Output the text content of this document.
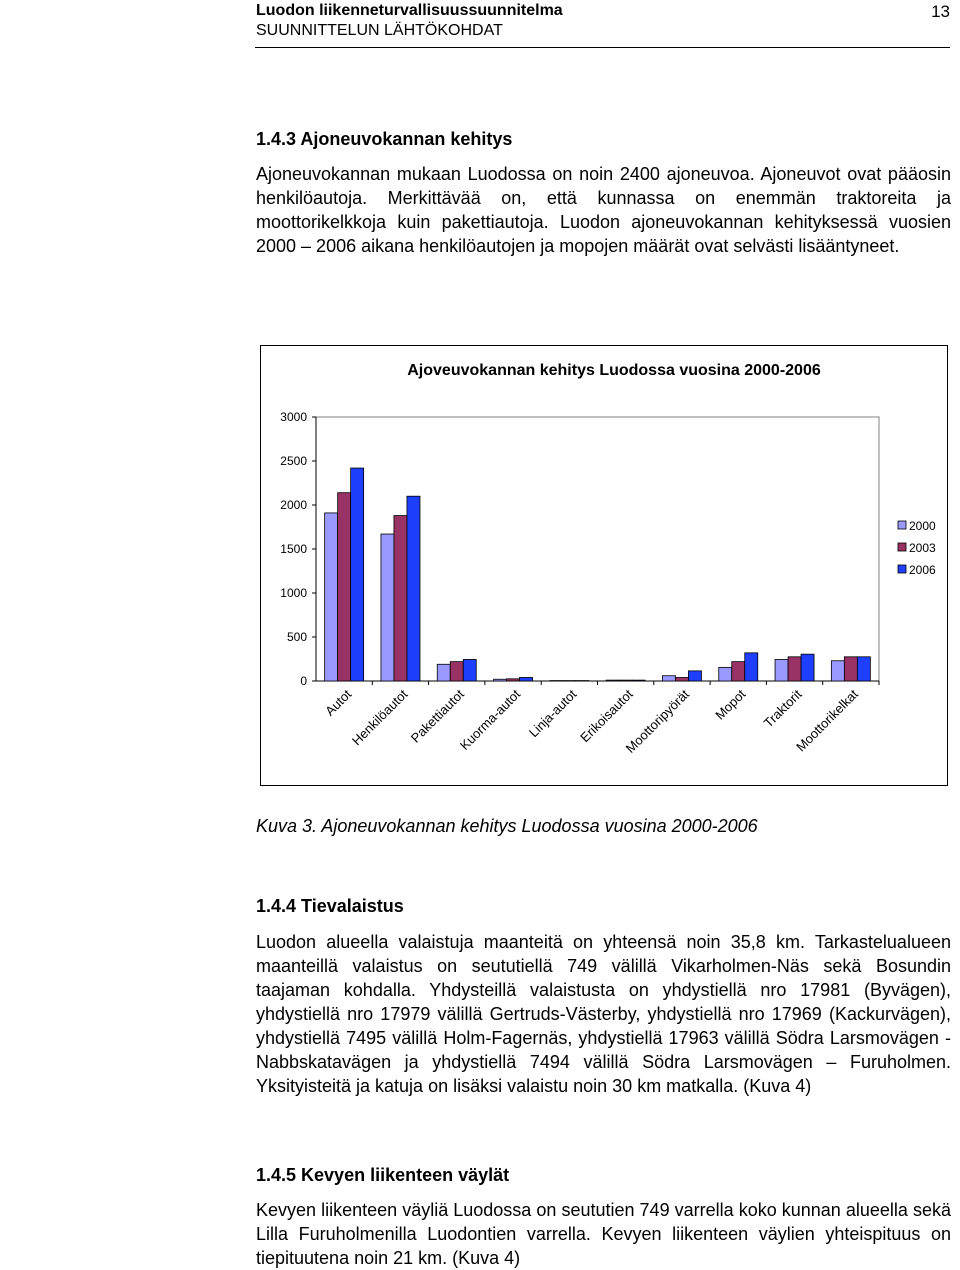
Luodon liikenneturvallisuussuunnitelma
SUUNNITTELUN LÄHTÖKOHDAT
13
1.4.3 Ajoneuvokannan kehitys

Ajoneuvokannan mukaan Luodossa on noin 2400 ajoneuvoa. Ajoneuvot ovat pääosin henkilöautoja. Merkittävää on, että kunnassa on enemmän traktoreita ja moottorikelkkoja kuin pakettiautoja. Luodon ajoneuvokannan kehityksessä vuosien 2000 – 2006 aikana henkilöautojen ja mopojen määrät ovat selvästi lisääntyneet.

Ajoveuvokannan kehitys Luodossa vuosina 2000-2006
0
500
1000
1500
2000
2500
3000
Autot
Henkilöautot
Pakettiautot
Kuorma-autot Linja-autot
Erikoisautot
Moottoripyörät Mopot Traktorit
Moottorikelkat
2000
2003
2006
Kuva 3. Ajoneuvokannan kehitys Luodossa vuosina 2000-2006
1.4.4 Tievalaistus

Luodon alueella valaistuja maanteitä on yhteensä noin 35,8 km. Tarkastelualueen maanteillä valaistus on seututiellä 749 välillä Vikarholmen-Näs sekä Bosundin taajaman kohdalla. Yhdysteillä valaistusta on yhdystiellä nro 17981 (Byvägen), yhdystiellä nro 17979 välillä Gertruds-Västerby, yhdystiellä nro 17969 (Kackurvägen), yhdystiellä 7495 välillä Holm-Fagernäs, yhdystiellä 17963 välillä Södra Larsmovägen - Nabbskatavägen ja yhdystiellä 7494 välillä Södra Larsmovägen – Furuholmen. Yksityisteitä ja katuja on lisäksi valaistu noin 30 km matkalla. (Kuva 4)

1.4.5 Kevyen liikenteen väylät

Kevyen liikenteen väyliä Luodossa on seututien 749 varrella koko kunnan alueella sekä Lilla Furuholmenilla Luodontien varrella. Kevyen liikenteen väylien yhteispituus on tiepituutena noin 21 km. (Kuva 4)
